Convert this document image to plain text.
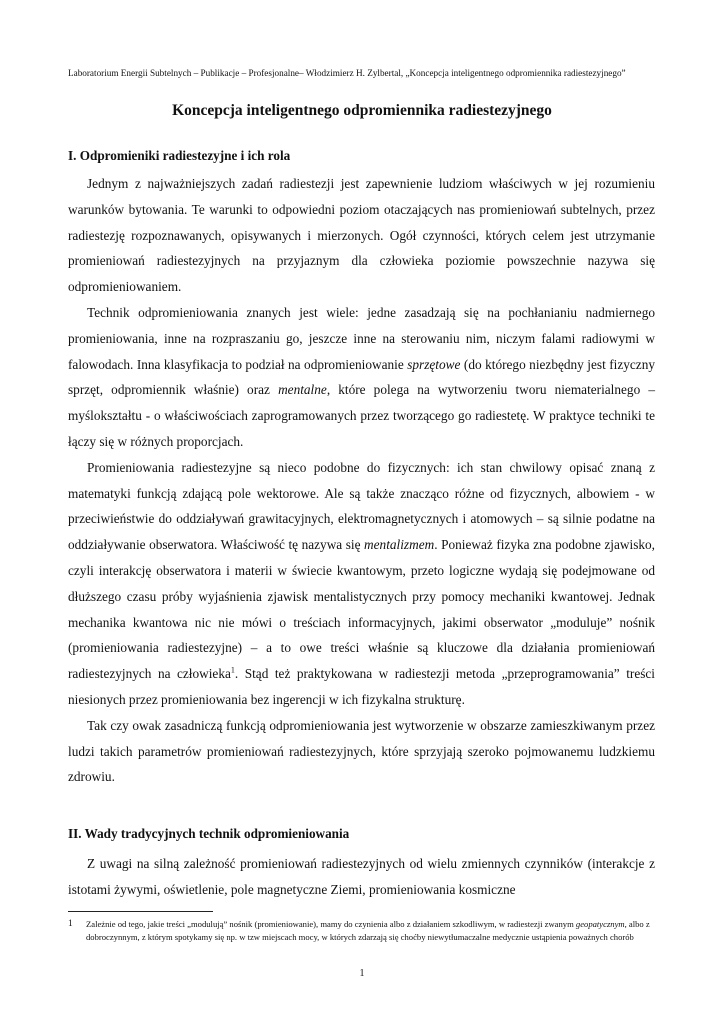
Laboratorium Energii Subtelnych – Publikacje – Profesjonalne– Włodzimierz H. Zylbertal, „Koncepcja inteligentnego odpromiennika radiestezyjnego”
Koncepcja inteligentnego odpromiennika radiestezyjnego
I. Odpromieniki radiestezyjne i ich rola

Jednym z najważniejszych zadań radiestezji jest zapewnienie ludziom właściwych w jej rozumieniu warunków bytowania. Te warunki to odpowiedni poziom otaczających nas promieniowań subtelnych, przez radiestezję rozpoznawanych, opisywanych i mierzonych. Ogół czynności, których celem jest utrzymanie promieniowań radiestezyjnych na przyjaznym dla człowieka poziomie powszechnie nazywa się odpromieniowaniem.

Technik odpromieniowania znanych jest wiele: jedne zasadzają się na pochłanianiu nadmiernego promieniowania, inne na rozpraszaniu go, jeszcze inne na sterowaniu nim, niczym falami radiowymi w falowodach. Inna klasyfikacja to podział na odpromieniowanie sprzętowe (do którego niezbędny jest fizyczny sprzęt, odpromiennik właśnie) oraz mentalne, które polega na wytworzeniu tworu niematerialnego – myślokształtu - o właściwościach zaprogramowanych przez tworzącego go radiestetę. W praktyce techniki te łączy się w różnych proporcjach.

Promieniowania radiestezyjne są nieco podobne do fizycznych: ich stan chwilowy opisać znaną z matematyki funkcją zdającą pole wektorowe. Ale są także znacząco różne od fizycznych, albowiem - w przeciwieństwie do oddziaływań grawitacyjnych, elektromagnetycznych i atomowych – są silnie podatne na oddziaływanie obserwatora. Właściwość tę nazywa się mentalizmem. Ponieważ fizyka zna podobne zjawisko, czyli interakcję obserwatora i materii w świecie kwantowym, przeto logiczne wydają się podejmowane od dłuższego czasu próby wyjaśnienia zjawisk mentalistycznych przy pomocy mechaniki kwantowej. Jednak mechanika kwantowa nic nie mówi o treściach informacyjnych, jakimi obserwator „moduluje” nośnik (promieniowania radiestezyjne) – a to owe treści właśnie są kluczowe dla działania promieniowań radiestezyjnych na człowieka$^1$. Stąd też praktykowana w radiestezji metoda „przeprogramowania” treści niesionych przez promieniowania bez ingerencji w ich fizykalna strukturę.

Tak czy owak zasadniczą funkcją odpromieniowania jest wytworzenie w obszarze zamieszkiwanym przez ludzi takich parametrów promieniowań radiestezyjnych, które sprzyjają szeroko pojmowanemu ludzkiemu zdrowiu.

II. Wady tradycyjnych technik odpromieniowania

Z uwagi na silną zależność promieniowań radiestezyjnych od wielu zmiennych czynników (interakcje z istotami żywymi, oświetlenie, pole magnetyczne Ziemi, promieniowania kosmiczne

1 Zależnie od tego, jakie treści „modulują” nośnik (promieniowanie), mamy do czynienia albo z działaniem szkodliwym, w radiestezji zwanym geopatycznym, albo z dobroczynnym, z którym spotykamy się np. w tzw miejscach mocy, w których zdarzają się choćby niewytłumaczalne medycznie ustąpienia poważnych chorób
1
